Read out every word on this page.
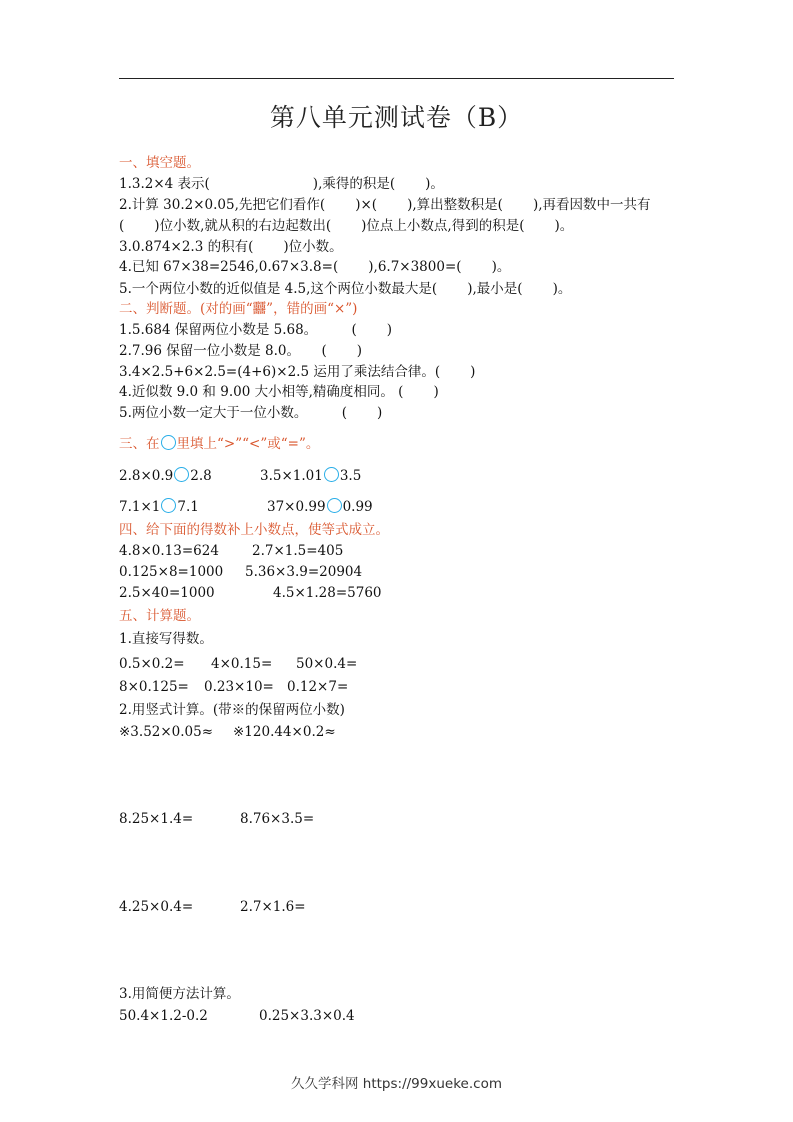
第八单元测试卷（B）
一、填空题。
1.3.2×4 表示(                        ),乘得的积是(       )。
2.计算 30.2×0.05,先把它们看作(       )×(       ),算出整数积是(       ),再看因数中一共有
(       )位小数,就从积的右边起数出(       )位点上小数点,得到的积是(       )。
3.0.874×2.3 的积有(       )位小数。
4.已知 67×38=2546,0.67×3.8=(       ),6.7×3800=(       )。
5.一个两位小数的近似值是 4.5,这个两位小数最大是(       ),最小是(       )。
二、判断题。(对的画“䨻”，错的画“×”)
1.5.684 保留两位小数是 5.68。        (       )
2.7.96 保留一位小数是 8.0。     (       )
3.4×2.5+6×2.5=(4+6)×2.5 运用了乘法结合律。(       )
4.近似数 9.0 和 9.00 大小相等,精确度相同。 (       )
5.两位小数一定大于一位小数。        (       )
三、在 里填上“>”“<”或“=”。
2.8×0.9 2.8	3.5×1.01 3.5
7.1×1 7.1	37×0.99 0.99
四、给下面的得数补上小数点，使等式成立。
4.8×0.13=624 2.7×1.5=405
0.125×8=1000 5.36×3.9=20904
2.5×40=1000	4.5×1.28=5760
五、计算题。
1.直接写得数。
0.5×0.2= 4×0.15= 50×0.4=
8×0.125= 0.23×10= 0.12×7=
2.用竖式计算。(带※的保留两位小数)
※3.52×0.05≈ ※120.44×0.2≈
8.25×1.4=	8.76×3.5=
4.25×0.4=	2.7×1.6=
3.用简便方法计算。
50.4×1.2-0.2	0.25×3.3×0.4
久久学科网 https://99xueke.com
